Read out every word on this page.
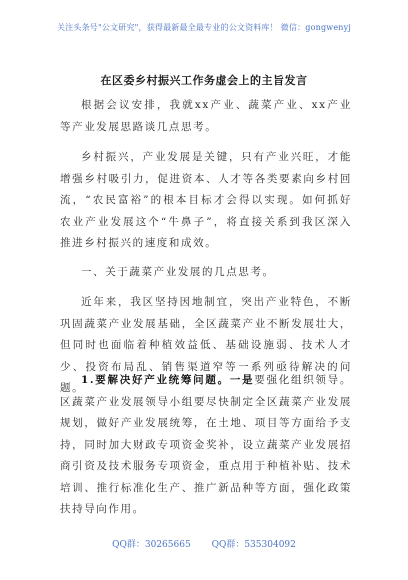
关注头条号"公文研究"，获得最新最全最专业的公文资料库！ 微信：gongwenyj
在区委乡村振兴工作务虚会上的主旨发言

根据会议安排，我就xx产业、蔬菜产业、xx产业等产业发展思路谈几点思考。

乡村振兴，产业发展是关键，只有产业兴旺，才能增强乡村吸引力，促进资本、人才等各类要素向乡村回流，“农民富裕”的根本目标才会得以实现。如何抓好农业产业发展这个“牛鼻子”，将直接关系到我区深入推进乡村振兴的速度和成效。

一、关于蔬菜产业发展的几点思考。

近年来，我区坚持因地制宜，突出产业特色，不断巩固蔬菜产业发展基础，全区蔬菜产业不断发展壮大，但同时也面临着种植效益低、基础设施弱、技术人才少、投资布局乱、销售渠道窄等一系列亟待解决的问题。

1.要解决好产业统筹问题。一是要强化组织领导。区蔬菜产业发展领导小组要尽快制定全区蔬菜产业发展规划，做好产业发展统筹，在土地、项目等方面给予支持，同时加大财政专项资金奖补，设立蔬菜产业发展招商引资及技术服务专项资金，重点用于种植补贴、技术培训、推行标准化生产、推广新品种等方面，强化政策扶持导向作用。

QQ群：30265665 QQ群：535304092
